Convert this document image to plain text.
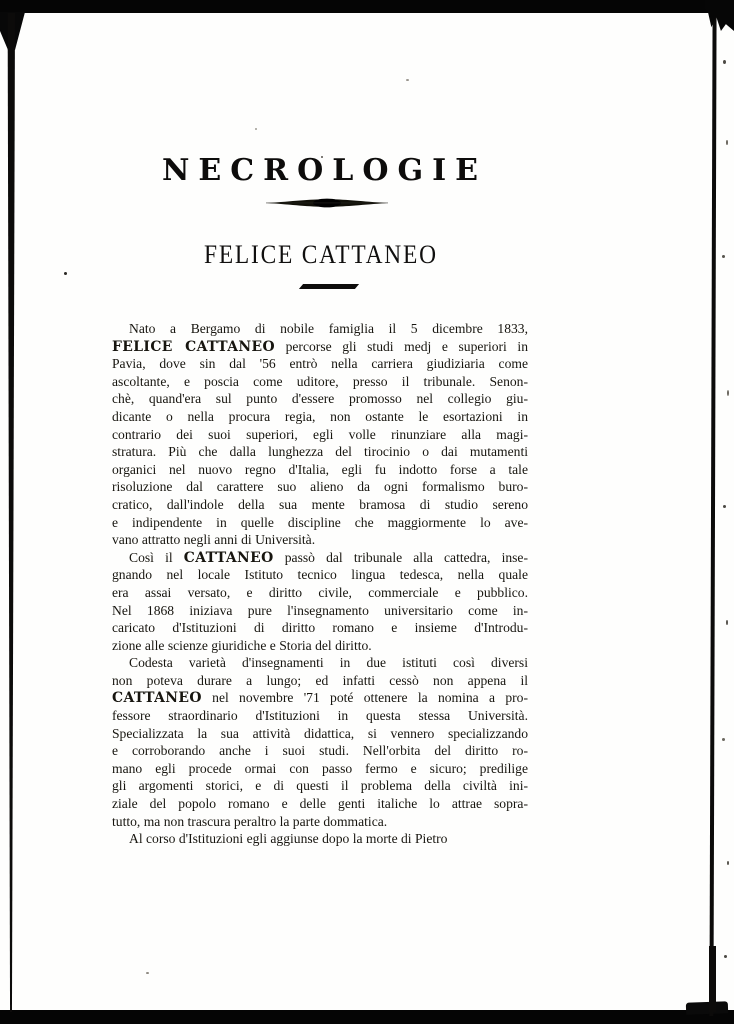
NECROLOGIE
FELICE CATTANEO
Nato a Bergamo di nobile famiglia il 5 dicembre 1833,
FELICE CATTANEO percorse gli studi medj e superiori in
Pavia, dove sin dal '56 entrò nella carriera giudiziaria come
ascoltante, e poscia come uditore, presso il tribunale. Senon-
chè, quand'era sul punto d'essere promosso nel collegio giu-
dicante o nella procura regia, non ostante le esortazioni in
contrario dei suoi superiori, egli volle rinunziare alla magi-
stratura. Più che dalla lunghezza del tirocinio o dai mutamenti
organici nel nuovo regno d'Italia, egli fu indotto forse a tale
risoluzione dal carattere suo alieno da ogni formalismo buro-
cratico, dall'indole della sua mente bramosa di studio sereno
e indipendente in quelle discipline che maggiormente lo ave-
vano attratto negli anni di Università.
Così il CATTANEO passò dal tribunale alla cattedra, inse-
gnando nel locale Istituto tecnico lingua tedesca, nella quale
era assai versato, e diritto civile, commerciale e pubblico.
Nel 1868 iniziava pure l'insegnamento universitario come in-
caricato d'Istituzioni di diritto romano e insieme d'Introdu-
zione alle scienze giuridiche e Storia del diritto.
Codesta varietà d'insegnamenti in due istituti così diversi
non poteva durare a lungo; ed infatti cessò non appena il
CATTANEO nel novembre '71 poté ottenere la nomina a pro-
fessore straordinario d'Istituzioni in questa stessa Università.
Specializzata la sua attività didattica, si vennero specializzando
e corroborando anche i suoi studi. Nell'orbita del diritto ro-
mano egli procede ormai con passo fermo e sicuro; predilige
gli argomenti storici, e di questi il problema della civiltà ini-
ziale del popolo romano e delle genti italiche lo attrae sopra-
tutto, ma non trascura peraltro la parte dommatica.
Al corso d'Istituzioni egli aggiunse dopo la morte di Pietro
